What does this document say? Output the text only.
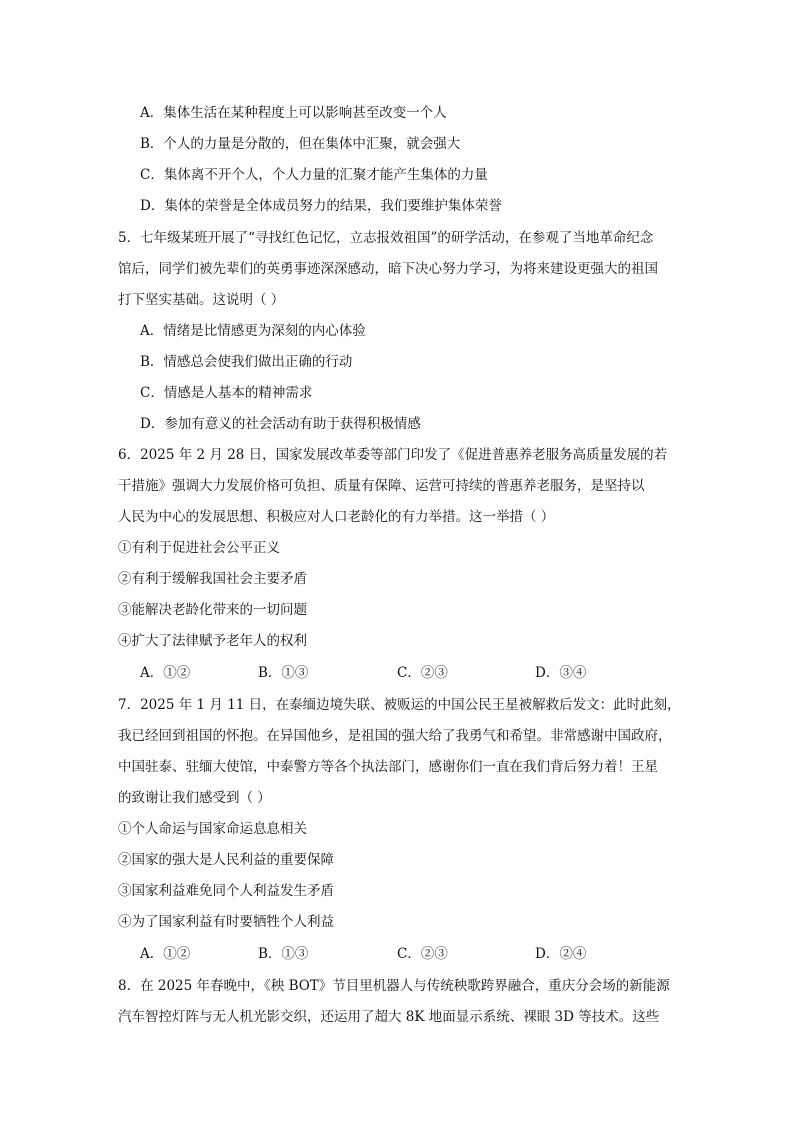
A．集体生活在某种程度上可以影响甚至改变一个人
B．个人的力量是分散的，但在集体中汇聚，就会强大
C．集体离不开个人，个人力量的汇聚才能产生集体的力量
D．集体的荣誉是全体成员努力的结果，我们要维护集体荣誉
5．七年级某班开展了“寻找红色记忆，立志报效祖国”的研学活动，在参观了当地革命纪念
馆后，同学们被先辈们的英勇事迹深深感动，暗下决心努力学习，为将来建设更强大的祖国
打下坚实基础。这说明（ ）
A．情绪是比情感更为深刻的内心体验
B．情感总会使我们做出正确的行动
C．情感是人基本的精神需求
D．参加有意义的社会活动有助于获得积极情感
6．2025 年 2 月 28 日，国家发展改革委等部门印发了《促进普惠养老服务高质量发展的若
干措施》强调大力发展价格可负担、质量有保障、运营可持续的普惠养老服务，是坚持以
人民为中心的发展思想、积极应对人口老龄化的有力举措。这一举措（ ）
①有利于促进社会公平正义
②有利于缓解我国社会主要矛盾
③能解决老龄化带来的一切问题
④扩大了法律赋予老年人的权利
A．①②	B．①③	C．②③	D．③④
7．2025 年 1 月 11 日，在泰缅边境失联、被贩运的中国公民王星被解救后发文：此时此刻，
我已经回到祖国的怀抱。在异国他乡，是祖国的强大给了我勇气和希望。非常感谢中国政府，
中国驻泰、驻缅大使馆，中泰警方等各个执法部门，感谢你们一直在我们背后努力着！王星
的致谢让我们感受到（ ）
①个人命运与国家命运息息相关
②国家的强大是人民利益的重要保障
③国家利益难免同个人利益发生矛盾
④为了国家利益有时要牺牲个人利益
A．①②	B．①③	C．②③	D．②④
8．在 2025 年春晚中，《秧 BOT》节目里机器人与传统秧歌跨界融合，重庆分会场的新能源
汽车智控灯阵与无人机光影交织，还运用了超大 8K 地面显示系统、裸眼 3D 等技术。这些
